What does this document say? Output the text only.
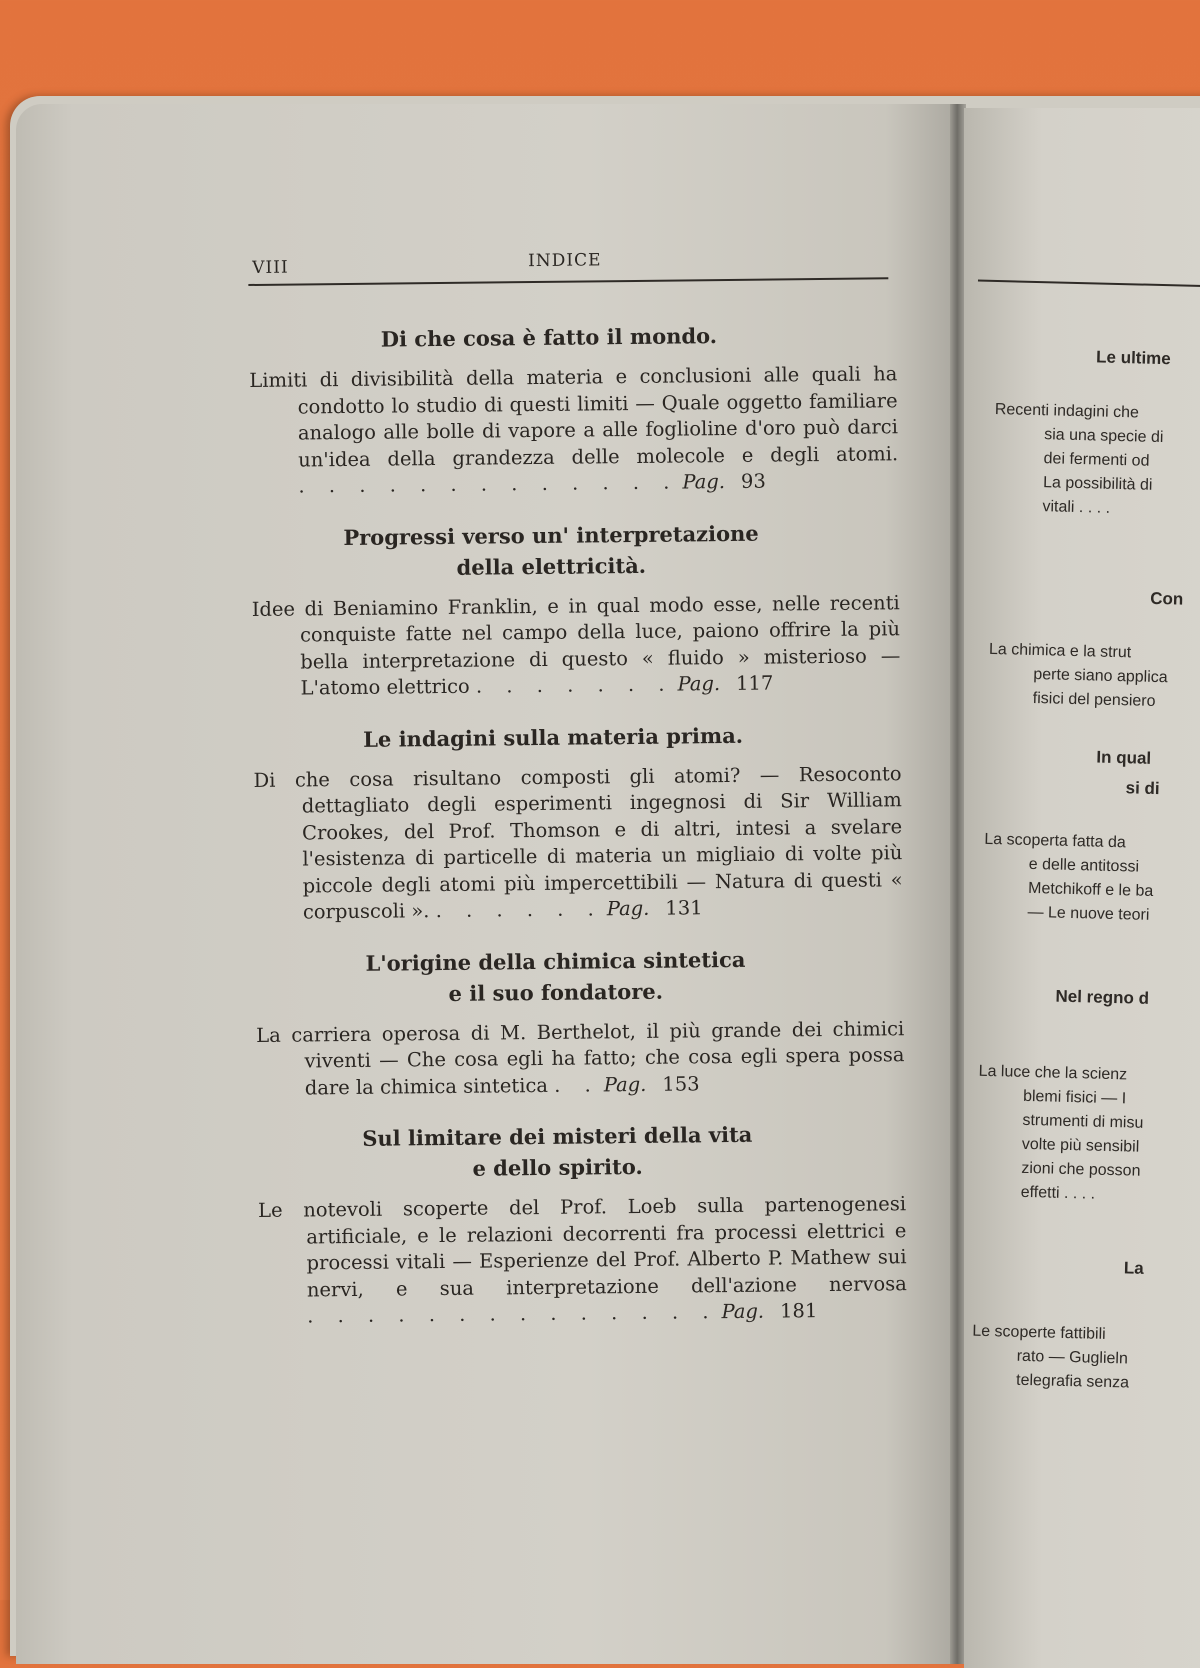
VIII	INDICE
Di che cosa è fatto il mondo.
Limiti di divisibilità della materia e conclusioni alle quali ha condotto lo studio di questi limiti — Quale oggetto familiare analogo alle bolle di vapore a alle foglioline d'oro può darci un'idea della grandezza delle molecole e degli atomi. . . . . . . . . . . . . . Pag. 93
Progressi verso un' interpretazione
della elettricità.
Idee di Beniamino Franklin, e in qual modo esse, nelle recenti conquiste fatte nel campo della luce, paiono offrire la più bella interpretazione di questo « fluido » misterioso — L'atomo elettrico . . . . . . . Pag. 117
Le indagini sulla materia prima.
Di che cosa risultano composti gli atomi? — Resoconto dettagliato degli esperimenti ingegnosi di Sir William Crookes, del Prof. Thomson e di altri, intesi a svelare l'esistenza di particelle di materia un migliaio di volte più piccole degli atomi più impercettibili — Natura di questi « corpuscoli ». . . . . . . Pag. 131
L'origine della chimica sintetica
e il suo fondatore.
La carriera operosa di M. Berthelot, il più grande dei chimici viventi — Che cosa egli ha fatto; che cosa egli spera possa dare la chimica sintetica . . Pag. 153
Sul limitare dei misteri della vita
e dello spirito.
Le notevoli scoperte del Prof. Loeb sulla partenogenesi artificiale, e le relazioni decorrenti fra processi elettrici e processi vitali — Esperienze del Prof. Alberto P. Mathew sui nervi, e sua interpretazione dell'azione nervosa . . . . . . . . . . . . . . Pag. 181
Le ultime
Recenti indagini che
sia una specie di
dei fermenti od
La possibilità di
vitali . . . .
Con
La chimica e la strut
perte siano applica
fisici del pensiero
In qual
si di
La scoperta fatta da
e delle antitossi
Metchikoff e le ba
— Le nuove teori
Nel regno d
La luce che la scienz
blemi fisici — I
strumenti di misu
volte più sensibil
zioni che posson
effetti . . . .
La
Le scoperte fattibili
rato — Guglieln
telegrafia senza
